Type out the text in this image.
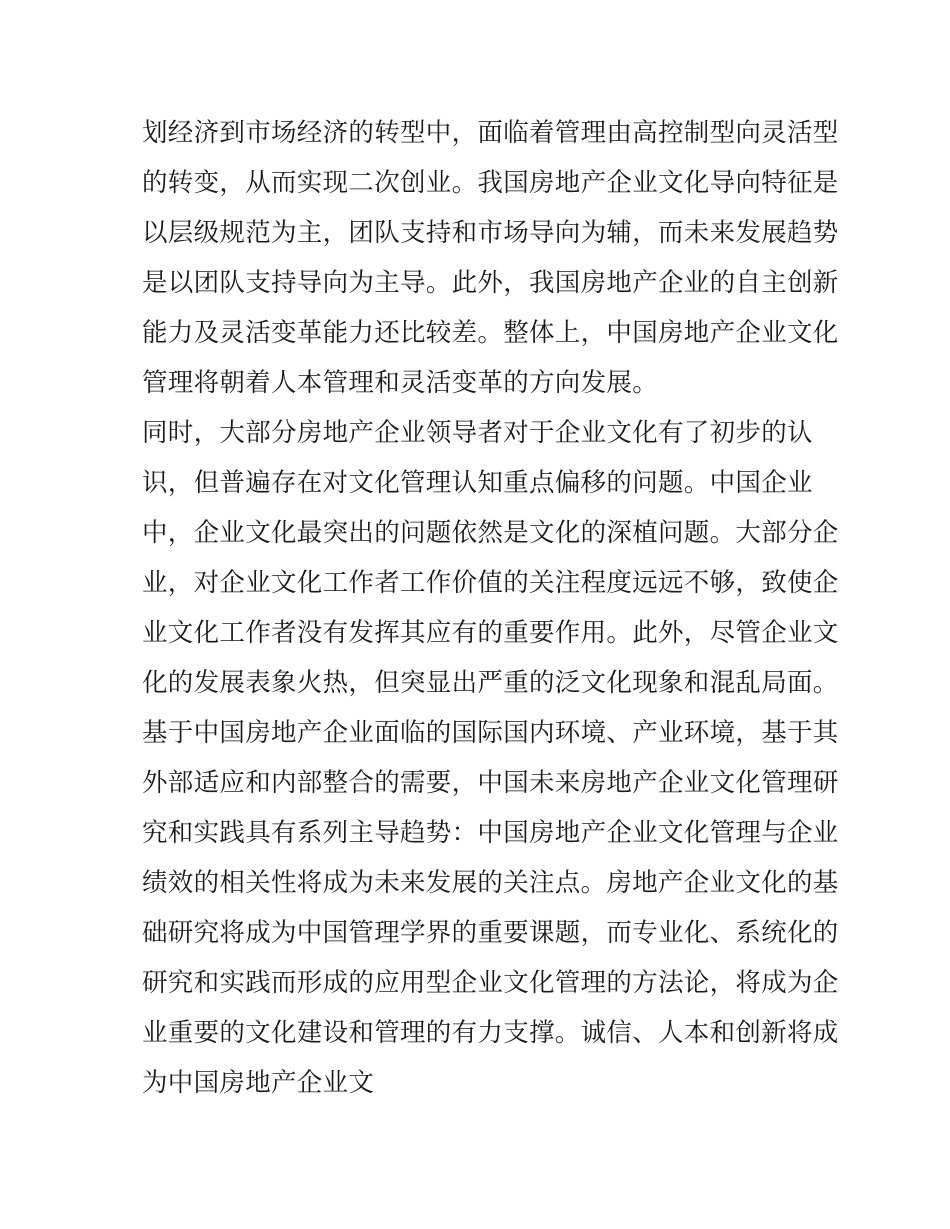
划经济到市场经济的转型中，面临着管理由高控制型向灵活型
的转变，从而实现二次创业。我国房地产企业文化导向特征是
以层级规范为主，团队支持和市场导向为辅，而未来发展趋势
是以团队支持导向为主导。此外，我国房地产企业的自主创新
能力及灵活变革能力还比较差。整体上，中国房地产企业文化
管理将朝着人本管理和灵活变革的方向发展。
同时，大部分房地产企业领导者对于企业文化有了初步的认
识，但普遍存在对文化管理认知重点偏移的问题。中国企业
中，企业文化最突出的问题依然是文化的深植问题。大部分企
业，对企业文化工作者工作价值的关注程度远远不够，致使企
业文化工作者没有发挥其应有的重要作用。此外，尽管企业文
化的发展表象火热，但突显出严重的泛文化现象和混乱局面。
基于中国房地产企业面临的国际国内环境、产业环境，基于其
外部适应和内部整合的需要，中国未来房地产企业文化管理研
究和实践具有系列主导趋势：中国房地产企业文化管理与企业
绩效的相关性将成为未来发展的关注点。房地产企业文化的基
础研究将成为中国管理学界的重要课题，而专业化、系统化的
研究和实践而形成的应用型企业文化管理的方法论，将成为企
业重要的文化建设和管理的有力支撑。诚信、人本和创新将成
为中国房地产企业文
